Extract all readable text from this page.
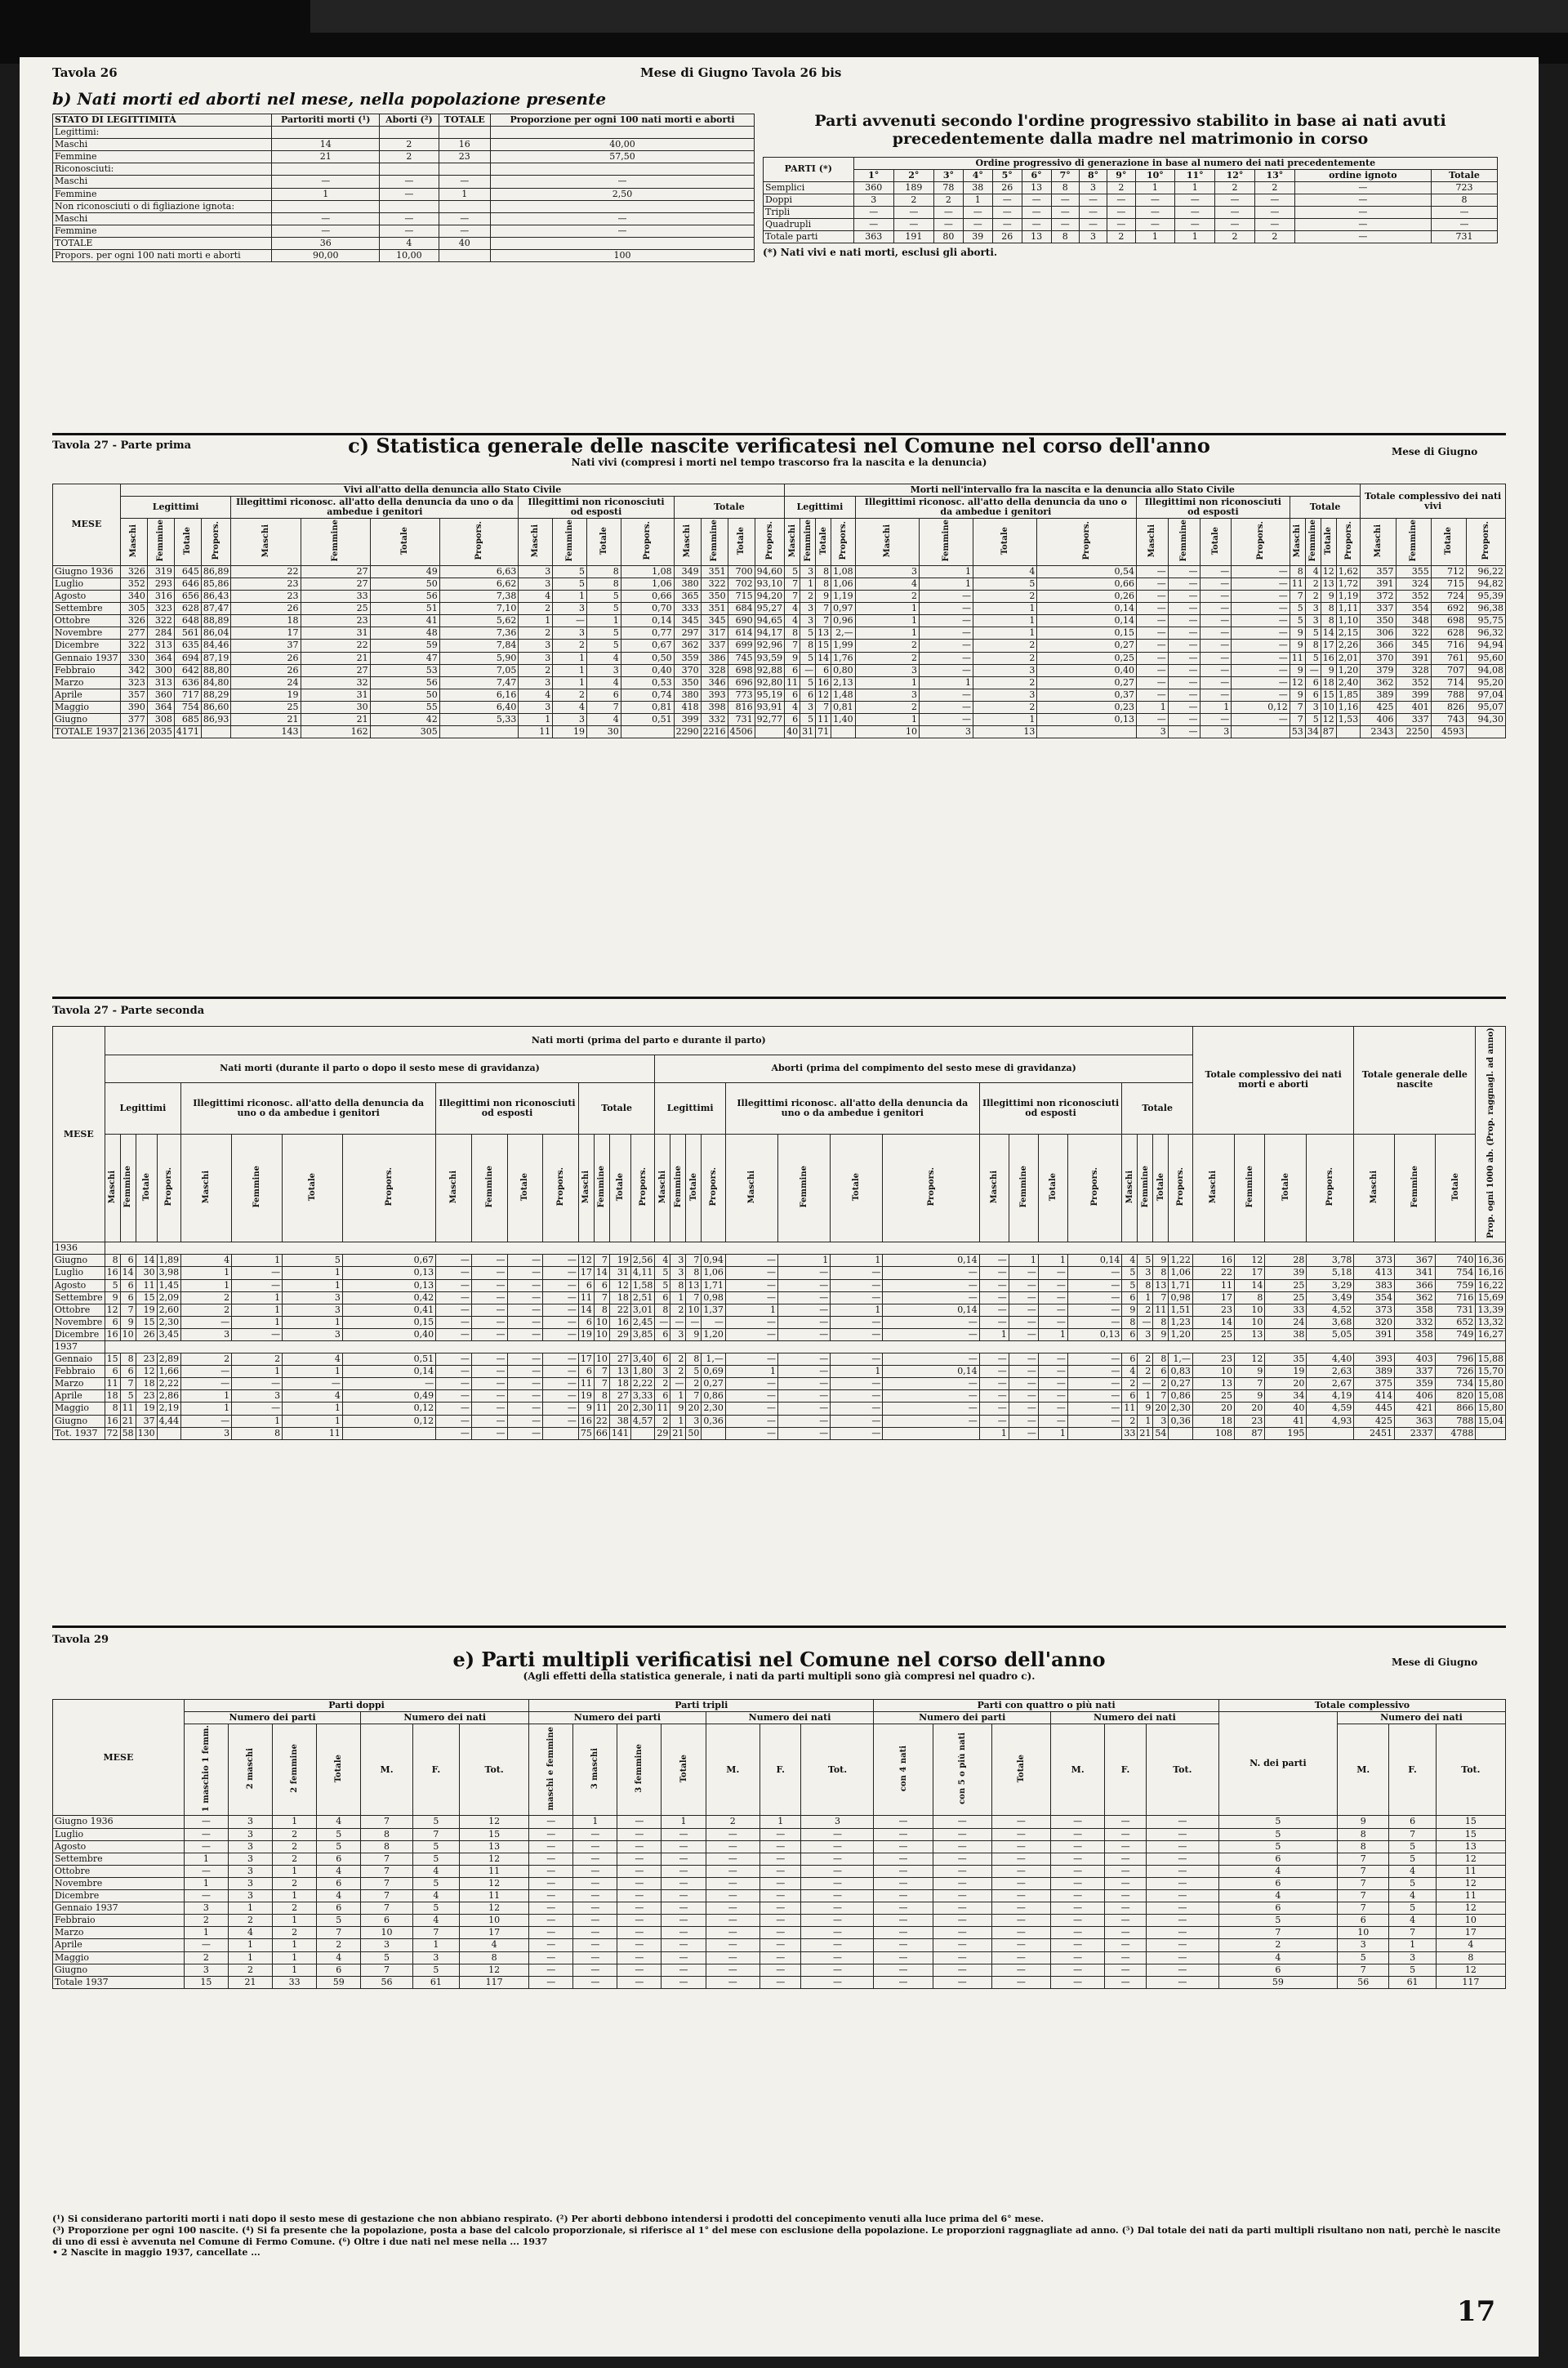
Tavola 26	Mese di Giugno Tavola 26 bis
b) Nati morti ed aborti nel mese, nella popolazione presente
STATO DI LEGITTIMITÀ	Partoriti morti (¹)	Aborti (²)	TOTALE	Proporzione per ogni 100 nati morti e aborti
Legittimi:				
Maschi	14	2	16	40,00
Femmine	21	2	23	57,50
Riconosciuti:				
Maschi	—	—	—	—
Femmine	1	—	1	2,50
Non riconosciuti o di figliazione ignota:				
Maschi	—	—	—	—
Femmine	—	—	—	—
TOTALE	36	4	40	
Propors. per ogni 100 nati morti e aborti	90,00	10,00		100
Parti avvenuti secondo l'ordine progressivo stabilito in base ai nati avuti precedentemente dalla madre nel matrimonio in corso
PARTI (*)	Ordine progressivo di generazione in base al numero dei nati precedentemente														
	1°	2°	3°	4°	5°	6°	7°	8°	9°	10°	11°	12°	13°	ordine ignoto	Totale
Semplici	360	189	78	38	26	13	8	3	2	1	1	2	2	—	723
Doppi	3	2	2	1	—	—	—	—	—	—	—	—	—	—	8
Tripli	—	—	—	—	—	—	—	—	—	—	—	—	—	—	—
Quadrupli	—	—	—	—	—	—	—	—	—	—	—	—	—	—	—
Totale parti	363	191	80	39	26	13	8	3	2	1	1	2	2	—	731
(*) Nati vivi e nati morti, esclusi gli aborti.
Tavola 27 - Parte prima	c) Statistica generale delle nascite verificatesi nel Comune nel corso dell'anno
Nati vivi (compresi i morti nel tempo trascorso fra la nascita e la denuncia)
Mese di Giugno
MESE	Vivi all'atto della denuncia allo Stato Civile																Morti nell'intervallo fra la nascita e la denuncia allo Stato Civile																Totale complessivo dei nati vivi			
	Legittimi				Illegittimi riconosc. all'atto della denuncia da uno o da ambedue i genitori				Illegittimi non riconosciuti od esposti				Totale				Legittimi				Illegittimi riconosc. all'atto della denuncia da uno o da ambedue i genitori				Illegittimi non riconosciuti od esposti				Totale							
	Maschi	Femmine	Totale	Propors.	Maschi	Femmine	Totale	Propors.	Maschi	Femmine	Totale	Propors.	Maschi	Femmine	Totale	Propors.	Maschi	Femmine	Totale	Propors.	Maschi	Femmine	Totale	Propors.	Maschi	Femmine	Totale	Propors.	Maschi	Femmine	Totale	Propors.	Maschi	Femmine	Totale	Propors.
Giugno 1936	326	319	645	86,89	22	27	49	6,63	3	5	8	1,08	349	351	700	94,60	5	3	8	1,08	3	1	4	0,54	—	—	—	—	8	4	12	1,62	357	355	712	96,22
Luglio	352	293	646	85,86	23	27	50	6,62	3	5	8	1,06	380	322	702	93,10	7	1	8	1,06	4	1	5	0,66	—	—	—	—	11	2	13	1,72	391	324	715	94,82
Agosto	340	316	656	86,43	23	33	56	7,38	4	1	5	0,66	365	350	715	94,20	7	2	9	1,19	2	—	2	0,26	—	—	—	—	7	2	9	1,19	372	352	724	95,39
Settembre	305	323	628	87,47	26	25	51	7,10	2	3	5	0,70	333	351	684	95,27	4	3	7	0,97	1	—	1	0,14	—	—	—	—	5	3	8	1,11	337	354	692	96,38
Ottobre	326	322	648	88,89	18	23	41	5,62	1	—	1	0,14	345	345	690	94,65	4	3	7	0,96	1	—	1	0,14	—	—	—	—	5	3	8	1,10	350	348	698	95,75
Novembre	277	284	561	86,04	17	31	48	7,36	2	3	5	0,77	297	317	614	94,17	8	5	13	2,—	1	—	1	0,15	—	—	—	—	9	5	14	2,15	306	322	628	96,32
Dicembre	322	313	635	84,46	37	22	59	7,84	3	2	5	0,67	362	337	699	92,96	7	8	15	1,99	2	—	2	0,27	—	—	—	—	9	8	17	2,26	366	345	716	94,94
Gennaio 1937	330	364	694	87,19	26	21	47	5,90	3	1	4	0,50	359	386	745	93,59	9	5	14	1,76	2	—	2	0,25	—	—	—	—	11	5	16	2,01	370	391	761	95,60
Febbraio	342	300	642	88,80	26	27	53	7,05	2	1	3	0,40	370	328	698	92,88	6	—	6	0,80	3	—	3	0,40	—	—	—	—	9	—	9	1,20	379	328	707	94,08
Marzo	323	313	636	84,80	24	32	56	7,47	3	1	4	0,53	350	346	696	92,80	11	5	16	2,13	1	1	2	0,27	—	—	—	—	12	6	18	2,40	362	352	714	95,20
Aprile	357	360	717	88,29	19	31	50	6,16	4	2	6	0,74	380	393	773	95,19	6	6	12	1,48	3	—	3	0,37	—	—	—	—	9	6	15	1,85	389	399	788	97,04
Maggio	390	364	754	86,60	25	30	55	6,40	3	4	7	0,81	418	398	816	93,91	4	3	7	0,81	2	—	2	0,23	1	—	1	0,12	7	3	10	1,16	425	401	826	95,07
Giugno	377	308	685	86,93	21	21	42	5,33	1	3	4	0,51	399	332	731	92,77	6	5	11	1,40	1	—	1	0,13	—	—	—	—	7	5	12	1,53	406	337	743	94,30
TOTALE 1937	2136	2035	4171		143	162	305		11	19	30		2290	2216	4506		40	31	71		10	3	13		3	—	3		53	34	87		2343	2250	4593	
Tavola 27 - Parte seconda
MESE	Nati morti (prima del parto e durante il parto)																																Totale complessivo dei nati morti e aborti				Totale generale delle nascite			Prop. ogni 1000 ab. (Prop. raggnagl. ad anno)
	Nati morti (durante il parto o dopo il sesto mese di gravidanza)																Aborti (prima del compimento del sesto mese di gravidanza)																							
	Legittimi				Illegittimi riconosc. all'atto della denuncia da uno o da ambedue i genitori				Illegittimi non riconosciuti od esposti				Totale				Legittimi				Illegittimi riconosc. all'atto della denuncia da uno o da ambedue i genitori				Illegittimi non riconosciuti od esposti				Totale											
	Maschi	Femmine	Totale	Propors.	Maschi	Femmine	Totale	Propors.	Maschi	Femmine	Totale	Propors.	Maschi	Femmine	Totale	Propors.	Maschi	Femmine	Totale	Propors.	Maschi	Femmine	Totale	Propors.	Maschi	Femmine	Totale	Propors.	Maschi	Femmine	Totale	Propors.	Maschi	Femmine	Totale	Propors.	Maschi	Femmine	Totale	
1936																																								
Giugno	8	6	14	1,89	4	1	5	0,67	—	—	—	—	12	7	19	2,56	4	3	7	0,94	—	1	1	0,14	—	1	1	0,14	4	5	9	1,22	16	12	28	3,78	373	367	740	16,36
Luglio	16	14	30	3,98	1	—	1	0,13	—	—	—	—	17	14	31	4,11	5	3	8	1,06	—	—	—	—	—	—	—	—	5	3	8	1,06	22	17	39	5,18	413	341	754	16,16
Agosto	5	6	11	1,45	1	—	1	0,13	—	—	—	—	6	6	12	1,58	5	8	13	1,71	—	—	—	—	—	—	—	—	5	8	13	1,71	11	14	25	3,29	383	366	759	16,22
Settembre	9	6	15	2,09	2	1	3	0,42	—	—	—	—	11	7	18	2,51	6	1	7	0,98	—	—	—	—	—	—	—	—	6	1	7	0,98	17	8	25	3,49	354	362	716	15,69
Ottobre	12	7	19	2,60	2	1	3	0,41	—	—	—	—	14	8	22	3,01	8	2	10	1,37	1	—	1	0,14	—	—	—	—	9	2	11	1,51	23	10	33	4,52	373	358	731	13,39
Novembre	6	9	15	2,30	—	1	1	0,15	—	—	—	—	6	10	16	2,45	—	—	—	—	—	—	—	—	—	—	—	—	8	—	8	1,23	14	10	24	3,68	320	332	652	13,32
Dicembre	16	10	26	3,45	3	—	3	0,40	—	—	—	—	19	10	29	3,85	6	3	9	1,20	—	—	—	—	1	—	1	0,13	6	3	9	1,20	25	13	38	5,05	391	358	749	16,27
1937																																								
Gennaio	15	8	23	2,89	2	2	4	0,51	—	—	—	—	17	10	27	3,40	6	2	8	1,—	—	—	—	—	—	—	—	—	6	2	8	1,—	23	12	35	4,40	393	403	796	15,88
Febbraio	6	6	12	1,66	—	1	1	0,14	—	—	—	—	6	7	13	1,80	3	2	5	0,69	1	—	1	0,14	—	—	—	—	4	2	6	0,83	10	9	19	2,63	389	337	726	15,70
Marzo	11	7	18	2,22	—	—	—	—	—	—	—	—	11	7	18	2,22	2	—	2	0,27	—	—	—	—	—	—	—	—	2	—	2	0,27	13	7	20	2,67	375	359	734	15,80
Aprile	18	5	23	2,86	1	3	4	0,49	—	—	—	—	19	8	27	3,33	6	1	7	0,86	—	—	—	—	—	—	—	—	6	1	7	0,86	25	9	34	4,19	414	406	820	15,08
Maggio	8	11	19	2,19	1	—	1	0,12	—	—	—	—	9	11	20	2,30	11	9	20	2,30	—	—	—	—	—	—	—	—	11	9	20	2,30	20	20	40	4,59	445	421	866	15,80
Giugno	16	21	37	4,44	—	1	1	0,12	—	—	—	—	16	22	38	4,57	2	1	3	0,36	—	—	—	—	—	—	—	—	2	1	3	0,36	18	23	41	4,93	425	363	788	15,04
Tot. 1937	72	58	130		3	8	11		—	—	—		75	66	141		29	21	50		—	—	—		1	—	1		33	21	54		108	87	195		2451	2337	4788	
Tavola 29
e) Parti multipli verificatisi nel Comune nel corso dell'anno
(Agli effetti della statistica generale, i nati da parti multipli sono già compresi nel quadro c).
Mese di Giugno
MESE	Parti doppi							Parti tripli							Parti con quattro o più nati						Totale complessivo			
	Numero dei parti				Numero dei nati			Numero dei parti				Numero dei nati			Numero dei parti			Numero dei nati			N. dei parti	Numero dei nati		
	1 maschio 1 femm.	2 maschi	2 femmine	Totale	M.	F.	Tot.	maschi e femmine	3 maschi	3 femmine	Totale	M.	F.	Tot.	con 4 nati	con 5 o più nati	Totale	M.	F.	Tot.		M.	F.	Tot.
Giugno 1936	—	3	1	4	7	5	12	—	1	—	1	2	1	3	—	—	—	—	—	—	5	9	6	15
Luglio	—	3	2	5	8	7	15	—	—	—	—	—	—	—	—	—	—	—	—	—	5	8	7	15
Agosto	—	3	2	5	8	5	13	—	—	—	—	—	—	—	—	—	—	—	—	—	5	8	5	13
Settembre	1	3	2	6	7	5	12	—	—	—	—	—	—	—	—	—	—	—	—	—	6	7	5	12
Ottobre	—	3	1	4	7	4	11	—	—	—	—	—	—	—	—	—	—	—	—	—	4	7	4	11
Novembre	1	3	2	6	7	5	12	—	—	—	—	—	—	—	—	—	—	—	—	—	6	7	5	12
Dicembre	—	3	1	4	7	4	11	—	—	—	—	—	—	—	—	—	—	—	—	—	4	7	4	11
Gennaio 1937	3	1	2	6	7	5	12	—	—	—	—	—	—	—	—	—	—	—	—	—	6	7	5	12
Febbraio	2	2	1	5	6	4	10	—	—	—	—	—	—	—	—	—	—	—	—	—	5	6	4	10
Marzo	1	4	2	7	10	7	17	—	—	—	—	—	—	—	—	—	—	—	—	—	7	10	7	17
Aprile	—	1	1	2	3	1	4	—	—	—	—	—	—	—	—	—	—	—	—	—	2	3	1	4
Maggio	2	1	1	4	5	3	8	—	—	—	—	—	—	—	—	—	—	—	—	—	4	5	3	8
Giugno	3	2	1	6	7	5	12	—	—	—	—	—	—	—	—	—	—	—	—	—	6	7	5	12
Totale 1937	15	21	33	59	56	61	117	—	—	—	—	—	—	—	—	—	—	—	—	—	59	56	61	117
(¹) Si considerano partoriti morti i nati dopo il sesto mese di gestazione che non abbiano respirato. (²) Per aborti debbono intendersi i prodotti del concepimento venuti alla luce prima del 6° mese.
(³) Proporzione per ogni 100 nascite. (⁴) Si fa presente che la popolazione, posta a base del calcolo proporzionale, si riferisce al 1° del mese con esclusione della popolazione. Le proporzioni raggnagliate ad anno. (⁵) Dal totale dei nati da parti multipli risultano non nati, perchè le nascite di uno di essi è avvenuta nel Comune di Fermo Comune. (⁶) Oltre i due nati nel mese nella ... 1937
• 2 Nascite in maggio 1937, cancellate ...
17
